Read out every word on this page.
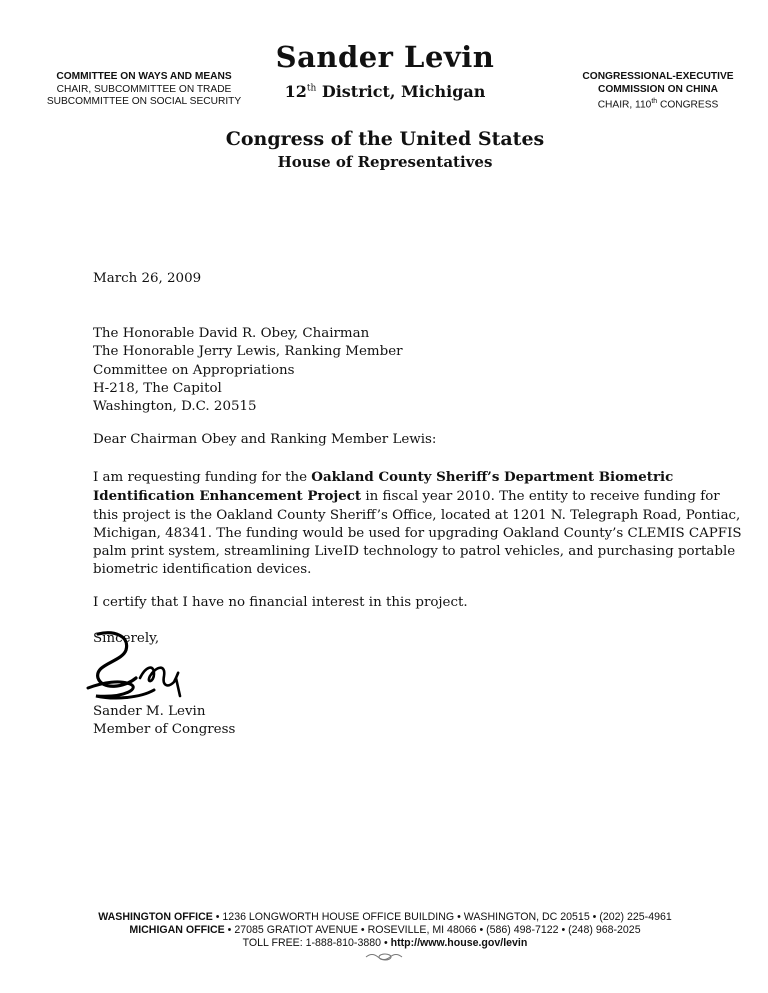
COMMITTEE ON WAYS AND MEANS
CHAIR, SUBCOMMITTEE ON TRADE
SUBCOMMITTEE ON SOCIAL SECURITY
Sander Levin
12th District, Michigan
Congress of the United States
House of Representatives
CONGRESSIONAL-EXECUTIVE
COMMISSION ON CHINA
CHAIR, 110th CONGRESS
March 26, 2009
The Honorable David R. Obey, Chairman
The Honorable Jerry Lewis, Ranking Member
Committee on Appropriations
H-218, The Capitol
Washington, D.C. 20515
Dear Chairman Obey and Ranking Member Lewis:
I am requesting funding for the Oakland County Sheriff’s Department Biometric
Identification Enhancement Project in fiscal year 2010. The entity to receive funding for
this project is the Oakland County Sheriff’s Office, located at 1201 N. Telegraph Road, Pontiac,
Michigan, 48341. The funding would be used for upgrading Oakland County’s CLEMIS CAPFIS
palm print system, streamlining LiveID technology to patrol vehicles, and purchasing portable
biometric identification devices.
I certify that I have no financial interest in this project.
Sincerely,
Sander M. Levin
Member of Congress
WASHINGTON OFFICE • 1236 LONGWORTH HOUSE OFFICE BUILDING • WASHINGTON, DC 20515 • (202) 225-4961
MICHIGAN OFFICE • 27085 GRATIOT AVENUE • ROSEVILLE, MI 48066 • (586) 498-7122 • (248) 968-2025
TOLL FREE: 1-888-810-3880 • http://www.house.gov/levin
